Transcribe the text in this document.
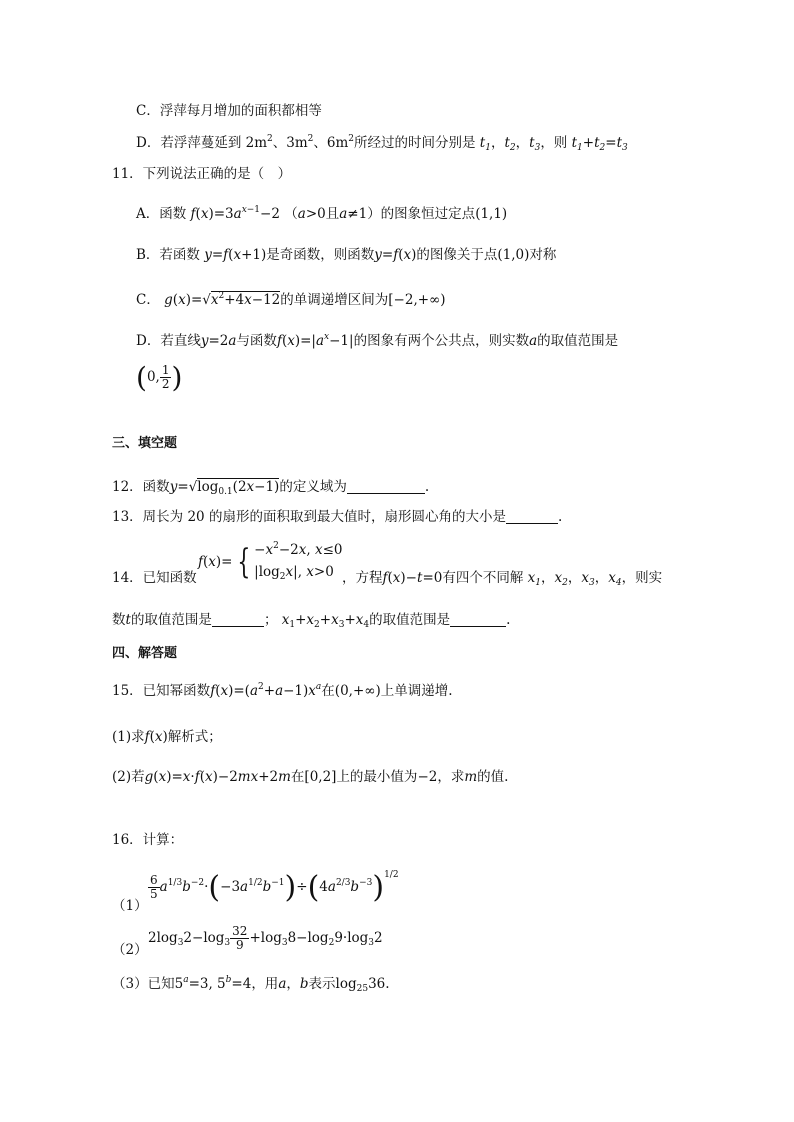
C．浮萍每月增加的面积都相等
D．若浮萍蔓延到 $2m^2$、$3m^2$、$6m^2$所经过的时间分别是 $t_1$，$t_2$，$t_3$，则 $t_1+t_2=t_3$
11．下列说法正确的是（　）
A．函数 $f(x)=3a^{x-1}-2$ （a>0且a≠1）的图象恒过定点(1,1)
B．若函数 y=f(x+1)是奇函数，则函数y=f(x)的图像关于点(1,0)对称
C． $g(x)=√x^2+4x-12$的单调递增区间为[−2,+∞)
D．若直线y=2a与函数$f(x)=|a^x-1|$的图象有两个公共点，则实数a的取值范围是
(0, $\frac{1}{2}$ )
三、填空题
12．函数$y=√\log_{0.1}(2x-1)$的定义域为	.
13．周长为 20 的扇形的面积取到最大值时，扇形圆心角的大小是	.
14．已知函数
f(x)= { $-x^2-2x$, x≤0
$|\log_2x|$, x>0 ，方程f(x)−t=0有四个不同解 $x_1$，$x_2$，$x_3$，$x_4$，则实
数t的取值范围是	； $x_1+x_2+x_3+x_4$的取值范围是	.
四、解答题
15．已知幂函数$f(x)=(a^2+a-1)x^a$在(0,+∞)上单调递增.
(1)求f(x)解析式；
(2)若g(x)=x·f(x)−2mx+2m在[0,2]上的最小值为−2，求m的值.
16．计算：
（1）
$\frac{6}{5} a^{1/3}b^{-2}\cdot(-3a^{1/2}b^{-1})\div(4a^{2/3}b^{-3})^{1/2}$
（2）
$2\log_32-\log_3 \frac{32}{9} +\log_38-\log_29\cdot\log_32$
（3）已知$5^a=3$, $5^b=4$，用a，b表示$\log_{25}36$.
